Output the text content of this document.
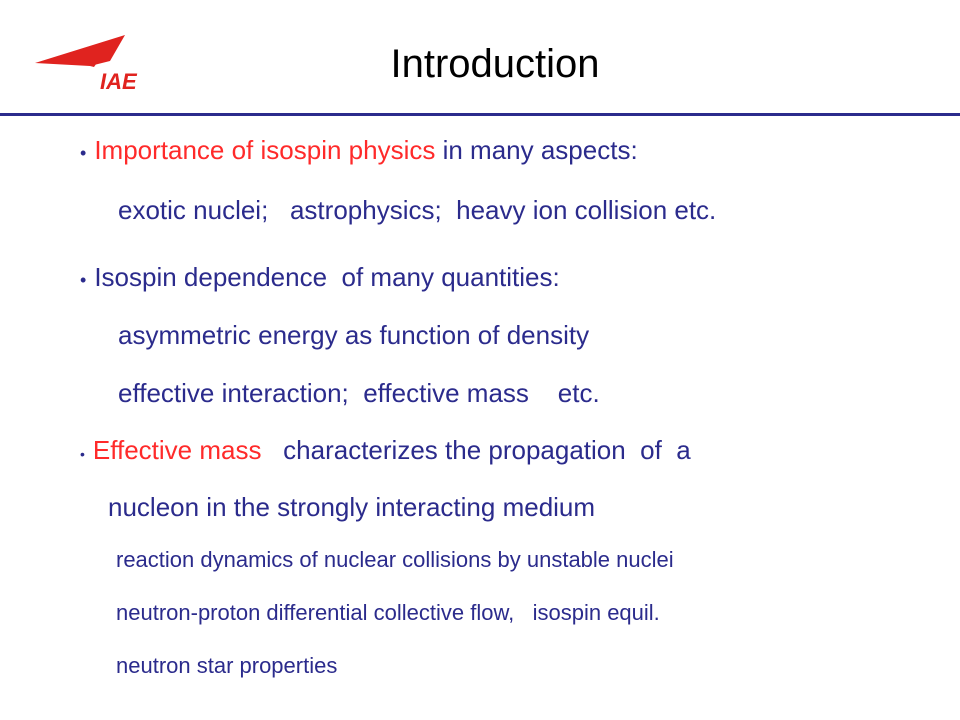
IAE	Introduction
• Importance of isospin physics in many aspects:
exotic nuclei;   astrophysics;  heavy ion collision etc.
• Isospin dependence  of many quantities:
asymmetric energy as function of density
effective interaction;  effective mass    etc.
• Effective mass   characterizes the propagation  of  a
nucleon in the strongly interacting medium
reaction dynamics of nuclear collisions by unstable nuclei
neutron-proton differential collective flow,   isospin equil.
neutron star properties
